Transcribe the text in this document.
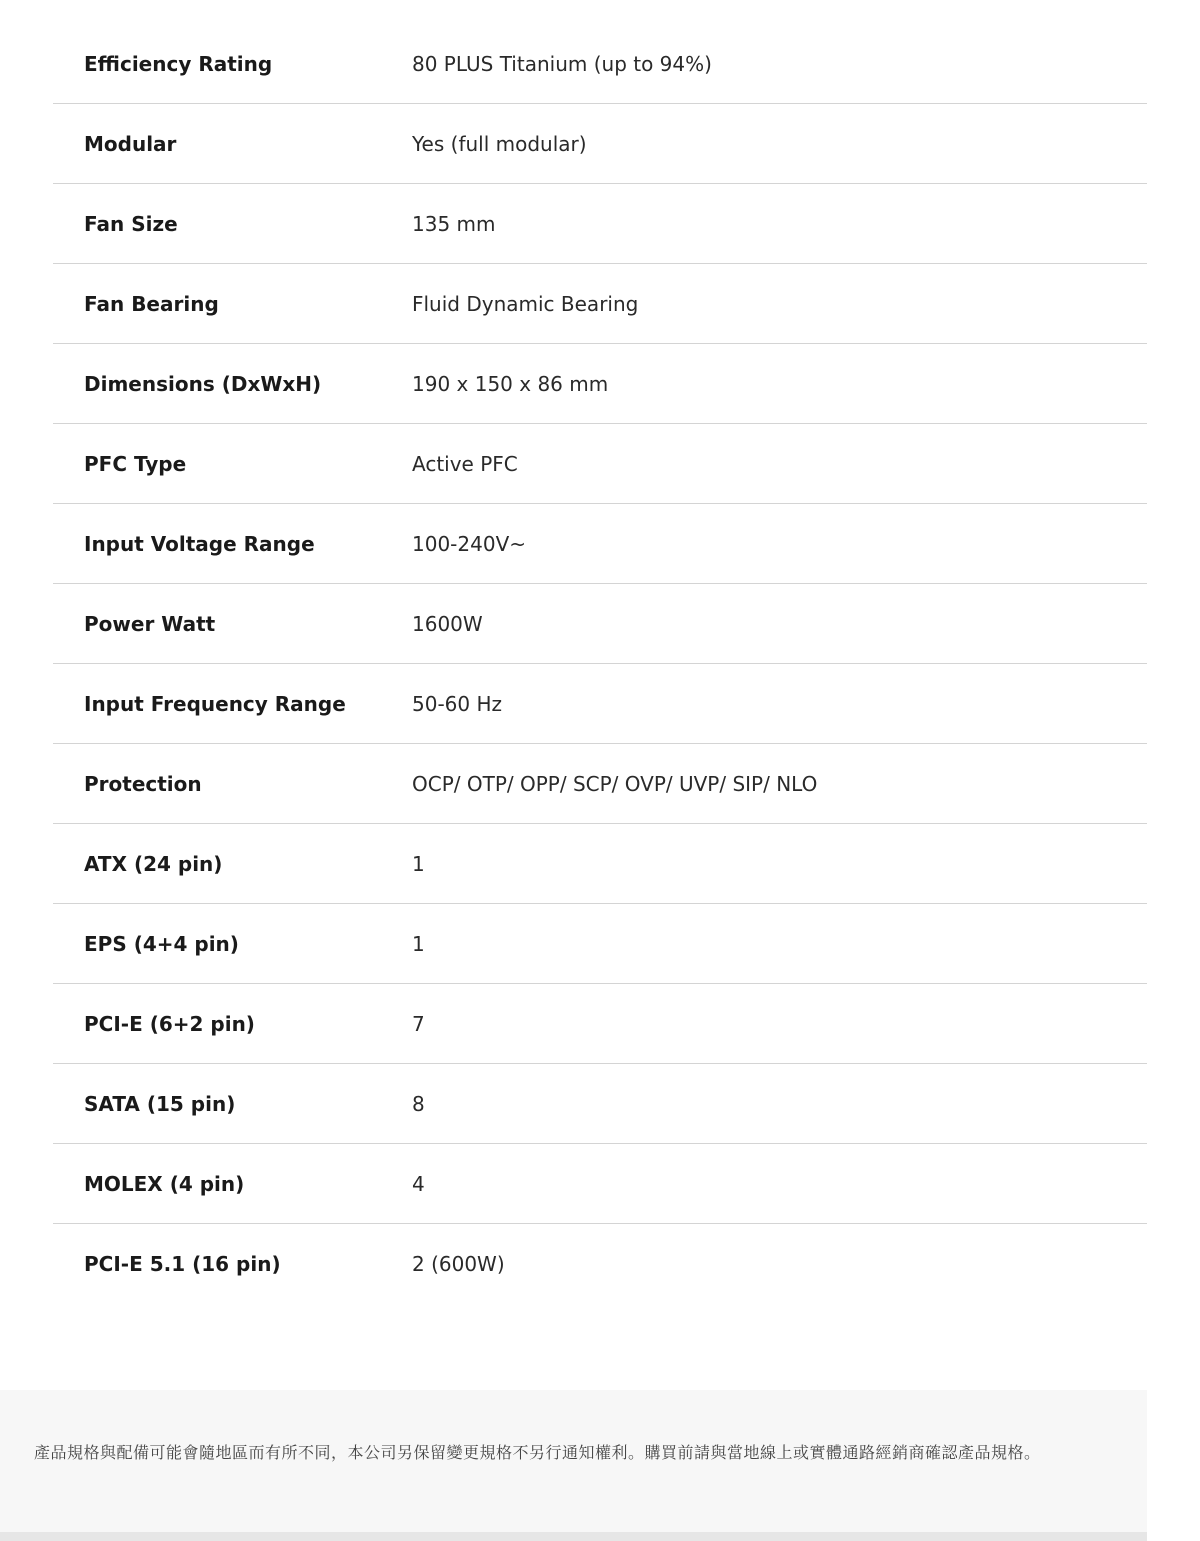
Efficiency Rating	80 PLUS Titanium (up to 94%)
Modular	Yes (full modular)
Fan Size	135 mm
Fan Bearing	Fluid Dynamic Bearing
Dimensions (DxWxH)	190 x 150 x 86 mm
PFC Type	Active PFC
Input Voltage Range	100-240V~
Power Watt	1600W
Input Frequency Range	50-60 Hz
Protection	OCP/ OTP/ OPP/ SCP/ OVP/ UVP/ SIP/ NLO
ATX (24 pin)	1
EPS (4+4 pin)	1
PCI-E (6+2 pin)	7
SATA (15 pin)	8
MOLEX (4 pin)	4
PCI-E 5.1 (16 pin)	2 (600W)
產品規格與配備可能會隨地區而有所不同，本公司另保留變更規格不另行通知權利。購買前請與當地線上或實體通路經銷商確認產品規格。
